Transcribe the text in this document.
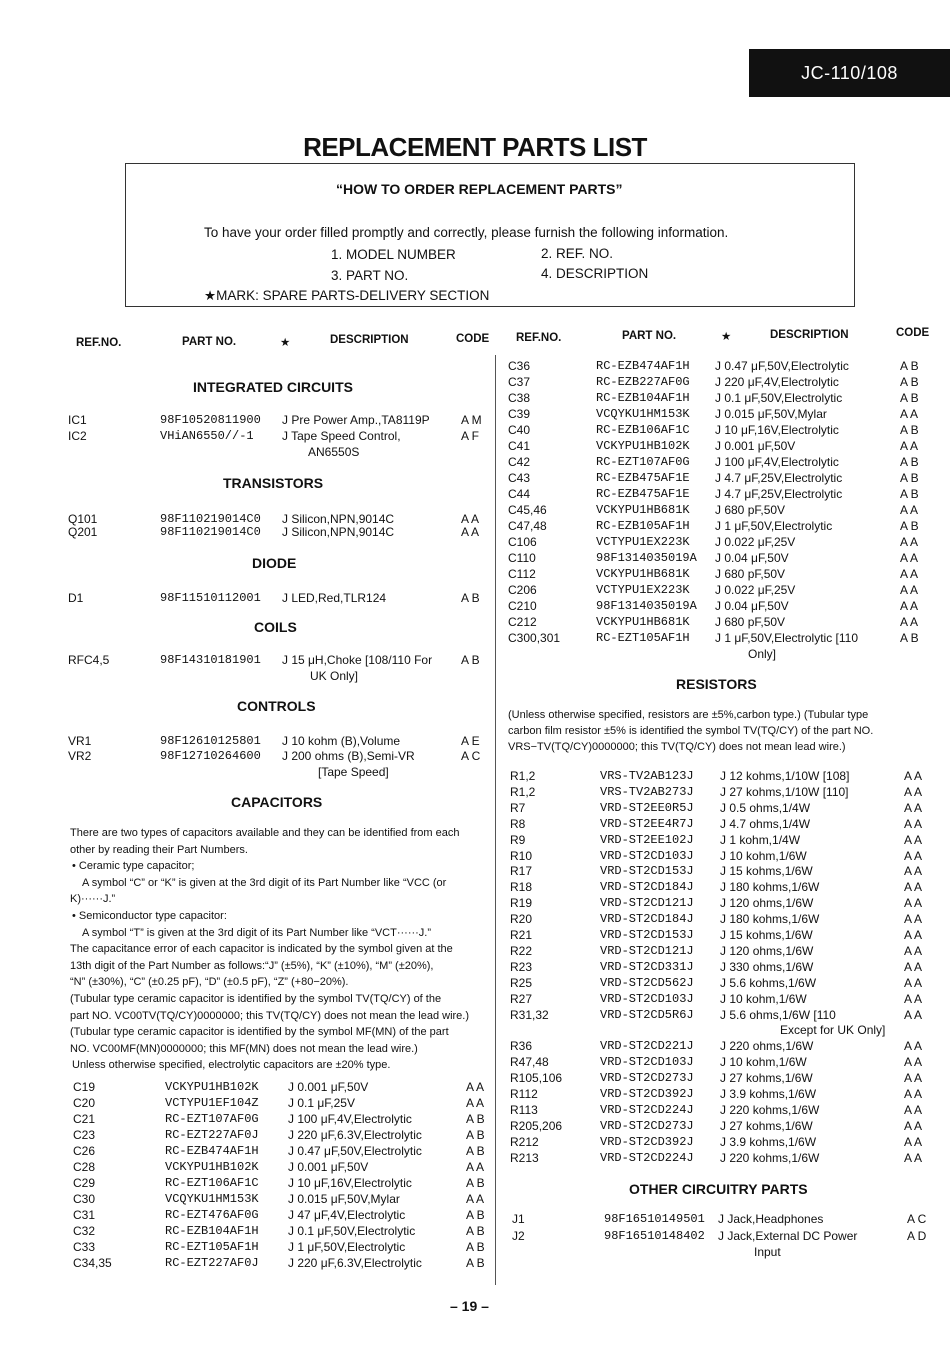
JC-110/108
REPLACEMENT PARTS LIST
“HOW TO ORDER REPLACEMENT PARTS”
To have your order filled promptly and correctly, please furnish the following information.
1. MODEL NUMBER	2. REF. NO.
3. PART NO.	4. DESCRIPTION
★MARK: SPARE PARTS-DELIVERY SECTION
REF.NO.	PART NO.	★	DESCRIPTION	CODE REF.NO.	PART NO.	★	DESCRIPTION	CODE
INTEGRATED CIRCUITS
TRANSISTORS
DIODE
COILS
CONTROLS
CAPACITORS
RESISTORS
OTHER CIRCUITRY PARTS
IC1	98F10520811900 J Pre Power Amp.,TA8119P	A M
IC2	VHiAN6550//-1 J Tape Speed Control,	A F
AN6550S
Q101	98F110219014C0 J Silicon,NPN,9014C	A A
Q201	98F110219014C0 J Silicon,NPN,9014C	A A
D1	98F11510112001 J LED,Red,TLR124	A B
RFC4,5	98F14310181901 J 15 μH,Choke [108/110 For A B
UK Only]
VR1	98F12610125801 J 10 kohm (B),Volume	A E
VR2	98F12710264600 J 200 ohms (B),Semi-VR	A C
[Tape Speed]
There are two types of capacitors available and they can be identified from each
other by reading their Part Numbers.
• Ceramic type capacitor;
A symbol “C” or “K” is given at the 3rd digit of its Part Number like “VCC (or
K)······J.”
• Semiconductor type capacitor:
A symbol “T” is given at the 3rd digit of its Part Number like “VCT······J.”
The capacitance error of each capacitor is indicated by the symbol given at the
13th digit of the Part Number as follows:“J” (±5%), “K” (±10%), “M” (±20%),
“N” (±30%), “C” (±0.25 pF), “D” (±0.5 pF), “Z” (+80−20%).
(Tubular type ceramic capacitor is identified by the symbol TV(TQ/CY) of the
part NO. VC00TV(TQ/CY)0000000; this TV(TQ/CY) does not mean the lead wire.)
(Tubular type ceramic capacitor is identified by the symbol MF(MN) of the part
NO. VC00MF(MN)0000000; this MF(MN) does not mean the lead wire.)
Unless otherwise specified, electrolytic capacitors are ±20% type.
C19	VCKYPU1HB102K J 0.001 μF,50V	A A
C20	VCTYPU1EF104Z J 0.1 μF,25V	A A
C21	RC-EZT107AF0G J 100 μF,4V,Electrolytic	A B
C23	RC-EZT227AF0J J 220 μF,6.3V,Electrolytic	A B
C26	RC-EZB474AF1H J 0.47 μF,50V,Electrolytic	A B
C28	VCKYPU1HB102K J 0.001 μF,50V	A A
C29	RC-EZT106AF1C J 10 μF,16V,Electrolytic	A B
C30	VCQYKU1HM153K J 0.015 μF,50V,Mylar	A A
C31	RC-EZT476AF0G J 47 μF,4V,Electrolytic	A B
C32	RC-EZB104AF1H J 0.1 μF,50V,Electrolytic	A B
C33	RC-EZT105AF1H J 1 μF,50V,Electrolytic	A B
C34,35	RC-EZT227AF0J J 220 μF,6.3V,Electrolytic	A B
C36	RC-EZB474AF1H J 0.47 μF,50V,Electrolytic	A B
C37	RC-EZB227AF0G J 220 μF,4V,Electrolytic	A B
C38	RC-EZB104AF1H J 0.1 μF,50V,Electrolytic	A B
C39	VCQYKU1HM153K J 0.015 μF,50V,Mylar	A A
C40	RC-EZB106AF1C J 10 μF,16V,Electrolytic	A B
C41	VCKYPU1HB102K J 0.001 μF,50V	A A
C42	RC-EZT107AF0G J 100 μF,4V,Electrolytic	A B
C43	RC-EZB475AF1E J 4.7 μF,25V,Electrolytic	A B
C44	RC-EZB475AF1E J 4.7 μF,25V,Electrolytic	A B
C45,46	VCKYPU1HB681K J 680 pF,50V	A A
C47,48	RC-EZB105AF1H J 1 μF,50V,Electrolytic	A B
C106	VCTYPU1EX223K J 0.022 μF,25V	A A
C110	98F1314035019A J 0.04 μF,50V	A A
C112	VCKYPU1HB681K J 680 pF,50V	A A
C206	VCTYPU1EX223K J 0.022 μF,25V	A A
C210	98F1314035019A J 0.04 μF,50V	A A
C212	VCKYPU1HB681K J 680 pF,50V	A A
C300,301	RC-EZT105AF1H J 1 μF,50V,Electrolytic [110	A B
Only]
(Unless otherwise specified, resistors are ±5%,carbon type.) (Tubular type
carbon film resistor ±5% is identified the symbol TV(TQ/CY) of the part NO.
VRS−TV(TQ/CY)0000000; this TV(TQ/CY) does not mean lead wire.)
R1,2	VRS-TV2AB123J J 12 kohms,1/10W [108]	A A
R1,2	VRS-TV2AB273J J 27 kohms,1/10W [110]	A A
R7	VRD-ST2EE0R5J J 0.5 ohms,1/4W	A A
R8	VRD-ST2EE4R7J J 4.7 ohms,1/4W	A A
R9	VRD-ST2EE102J J 1 kohm,1/4W	A A
R10	VRD-ST2CD103J J 10 kohm,1/6W	A A
R17	VRD-ST2CD153J J 15 kohms,1/6W	A A
R18	VRD-ST2CD184J J 180 kohms,1/6W	A A
R19	VRD-ST2CD121J J 120 ohms,1/6W	A A
R20	VRD-ST2CD184J J 180 kohms,1/6W	A A
R21	VRD-ST2CD153J J 15 kohms,1/6W	A A
R22	VRD-ST2CD121J J 120 ohms,1/6W	A A
R23	VRD-ST2CD331J J 330 ohms,1/6W	A A
R25	VRD-ST2CD562J J 5.6 kohms,1/6W	A A
R27	VRD-ST2CD103J J 10 kohm,1/6W	A A
R31,32	VRD-ST2CD5R6J J 5.6 ohms,1/6W [110	A A
Except for UK Only]
R36	VRD-ST2CD221J J 220 ohms,1/6W	A A
R47,48	VRD-ST2CD103J J 10 kohm,1/6W	A A
R105,106	VRD-ST2CD273J J 27 kohms,1/6W	A A
R112	VRD-ST2CD392J J 3.9 kohms,1/6W	A A
R113	VRD-ST2CD224J J 220 kohms,1/6W	A A
R205,206	VRD-ST2CD273J J 27 kohms,1/6W	A A
R212	VRD-ST2CD392J J 3.9 kohms,1/6W	A A
R213	VRD-ST2CD224J J 220 kohms,1/6W	A A
J1	98F16510149501 J Jack,Headphones	A C
J2	98F16510148402 J Jack,External DC Power	A D
Input
– 19 –
